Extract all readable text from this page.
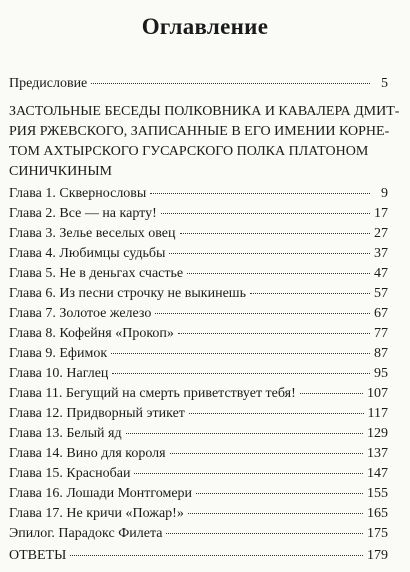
Оглавление
Предисловие	5
ЗАСТОЛЬНЫЕ БЕСЕДЫ ПОЛКОВНИКА И КАВАЛЕРА ДМИТ-
РИЯ РЖЕВСКОГО, ЗАПИСАННЫЕ В ЕГО ИМЕНИИ КОРНЕ-
ТОМ АХТЫРСКОГО ГУСАРСКОГО ПОЛКА ПЛАТОНОМ
СИНИЧКИНЫМ
Глава 1. Сквернословы	9
Глава 2. Все — на карту!	17
Глава 3. Зелье веселых овец	27
Глава 4. Любимцы судьбы	37
Глава 5. Не в деньгах счастье	47
Глава 6. Из песни строчку не выкинешь	57
Глава 7. Золотое железо	67
Глава 8. Кофейня «Прокоп»	77
Глава 9. Ефимок	87
Глава 10. Наглец	95
Глава 11. Бегущий на смерть приветствует тебя!	107
Глава 12. Придворный этикет	117
Глава 13. Белый яд	129
Глава 14. Вино для короля	137
Глава 15. Краснобаи	147
Глава 16. Лошади Монтгомери	155
Глава 17. Не кричи «Пожар!»	165
Эпилог. Парадокс Филета	175
ОТВЕТЫ	179
